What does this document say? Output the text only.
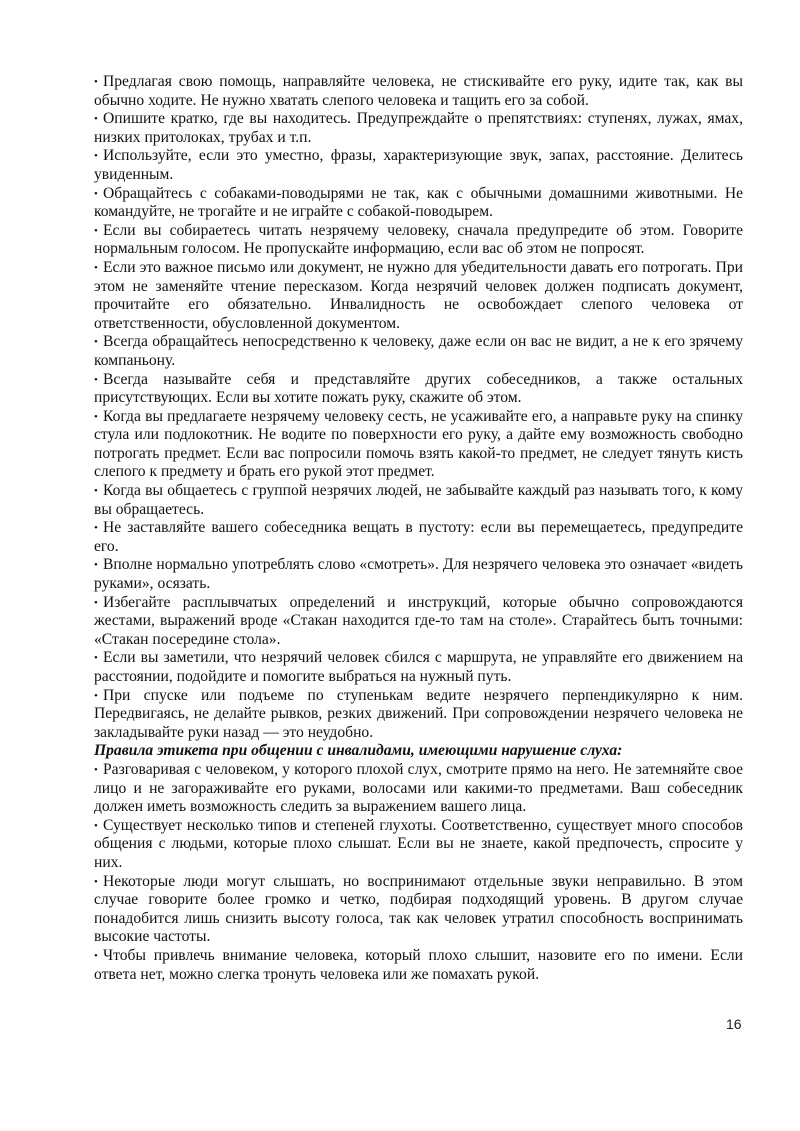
• Предлагая свою помощь, направляйте человека, не стискивайте его руку, идите так, как вы обычно ходите. Не нужно хватать слепого человека и тащить его за собой.

• Опишите кратко, где вы находитесь. Предупреждайте о препятствиях: ступенях, лужах, ямах, низких притолоках, трубах и т.п.

• Используйте, если это уместно, фразы, характеризующие звук, запах, расстояние. Делитесь увиденным.

• Обращайтесь с собаками-поводырями не так, как с обычными домашними животными. Не командуйте, не трогайте и не играйте с собакой-поводырем.

• Если вы собираетесь читать незрячему человеку, сначала предупредите об этом. Говорите нормальным голосом. Не пропускайте информацию, если вас об этом не попросят.

• Если это важное письмо или документ, не нужно для убедительности давать его потрогать. При этом не заменяйте чтение пересказом. Когда незрячий человек должен подписать документ, прочитайте его обязательно. Инвалидность не освобождает слепого человека от ответственности, обусловленной документом.

• Всегда обращайтесь непосредственно к человеку, даже если он вас не видит, а не к его зрячему компаньону.

• Всегда называйте себя и представляйте других собеседников, а также остальных присутствующих. Если вы хотите пожать руку, скажите об этом.

• Когда вы предлагаете незрячему человеку сесть, не усаживайте его, а направьте руку на спинку стула или подлокотник. Не водите по поверхности его руку, а дайте ему возможность свободно потрогать предмет. Если вас попросили помочь взять какой-то предмет, не следует тянуть кисть слепого к предмету и брать его рукой этот предмет.

• Когда вы общаетесь с группой незрячих людей, не забывайте каждый раз называть того, к кому вы обращаетесь.

• Не заставляйте вашего собеседника вещать в пустоту: если вы перемещаетесь, предупредите его.

• Вполне нормально употреблять слово «смотреть». Для незрячего человека это означает «видеть руками», осязать.

• Избегайте расплывчатых определений и инструкций, которые обычно сопровождаются жестами, выражений вроде «Стакан находится где-то там на столе». Старайтесь быть точными: «Стакан посередине стола».

• Если вы заметили, что незрячий человек сбился с маршрута, не управляйте его движением на расстоянии, подойдите и помогите выбраться на нужный путь.

• При спуске или подъеме по ступенькам ведите незрячего перпендикулярно к ним. Передвигаясь, не делайте рывков, резких движений. При сопровождении незрячего человека не закладывайте руки назад — это неудобно.

Правила этикета при общении с инвалидами, имеющими нарушение слуха:

• Разговаривая с человеком, у которого плохой слух, смотрите прямо на него. Не затемняйте свое лицо и не загораживайте его руками, волосами или какими-то предметами. Ваш собеседник должен иметь возможность следить за выражением вашего лица.

• Существует несколько типов и степеней глухоты. Соответственно, существует много способов общения с людьми, которые плохо слышат. Если вы не знаете, какой предпочесть, спросите у них.

• Некоторые люди могут слышать, но воспринимают отдельные звуки неправильно. В этом случае говорите более громко и четко, подбирая подходящий уровень. В другом случае понадобится лишь снизить высоту голоса, так как человек утратил способность воспринимать высокие частоты.

• Чтобы привлечь внимание человека, который плохо слышит, назовите его по имени. Если ответа нет, можно слегка тронуть человека или же помахать рукой.

16
